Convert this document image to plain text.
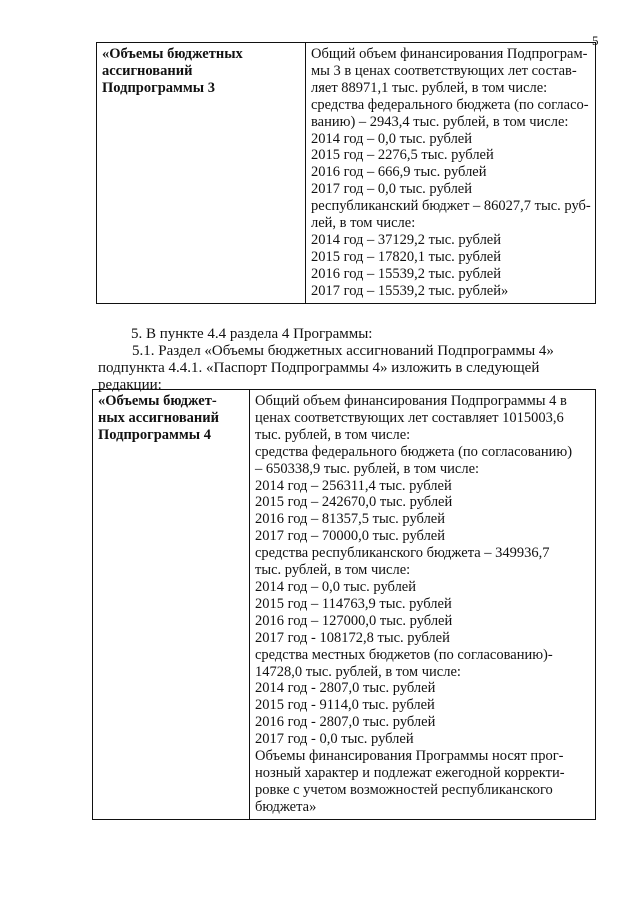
5
«Объемы бюджетных
ассигнований
Подпрограммы 3

Общий объем финансирования Подпрограм-
мы 3 в ценах соответствующих лет состав-
ляет 88971,1 тыс. рублей, в том числе:
средства федерального бюджета (по согласо-
ванию) – 2943,4 тыс. рублей, в том числе:
2014 год – 0,0 тыс. рублей
2015 год – 2276,5 тыс. рублей
2016 год – 666,9 тыс. рублей
2017 год – 0,0 тыс. рублей
республиканский бюджет – 86027,7 тыс. руб-
лей, в том числе:
2014 год – 37129,2 тыс. рублей
2015 год – 17820,1 тыс. рублей
2016 год – 15539,2 тыс. рублей
2017 год – 15539,2 тыс. рублей»
5. В пункте 4.4 раздела 4 Программы:
5.1. Раздел «Объемы бюджетных ассигнований Подпрограммы 4»
подпункта 4.4.1. «Паспорт Подпрограммы 4» изложить в следующей
редакции:
«Объемы бюджет-
ных ассигнований
Подпрограммы 4

Общий объем финансирования Подпрограммы 4 в
ценах соответствующих лет составляет 1015003,6
тыс. рублей, в том числе:
средства федерального бюджета (по согласованию)
– 650338,9 тыс. рублей, в том числе:
2014 год – 256311,4 тыс. рублей
2015 год – 242670,0 тыс. рублей
2016 год – 81357,5 тыс. рублей
2017 год – 70000,0 тыс. рублей
средства республиканского бюджета – 349936,7
тыс. рублей, в том числе:
2014 год – 0,0 тыс. рублей
2015 год – 114763,9 тыс. рублей
2016 год – 127000,0 тыс. рублей
2017 год - 108172,8 тыс. рублей
средства местных бюджетов (по согласованию)-
14728,0 тыс. рублей, в том числе:
2014 год - 2807,0 тыс. рублей
2015 год - 9114,0 тыс. рублей
2016 год - 2807,0 тыс. рублей
2017 год - 0,0 тыс. рублей
Объемы финансирования Программы носят прог-
нозный характер и подлежат ежегодной корректи-
ровке с учетом возможностей республиканского
бюджета»
